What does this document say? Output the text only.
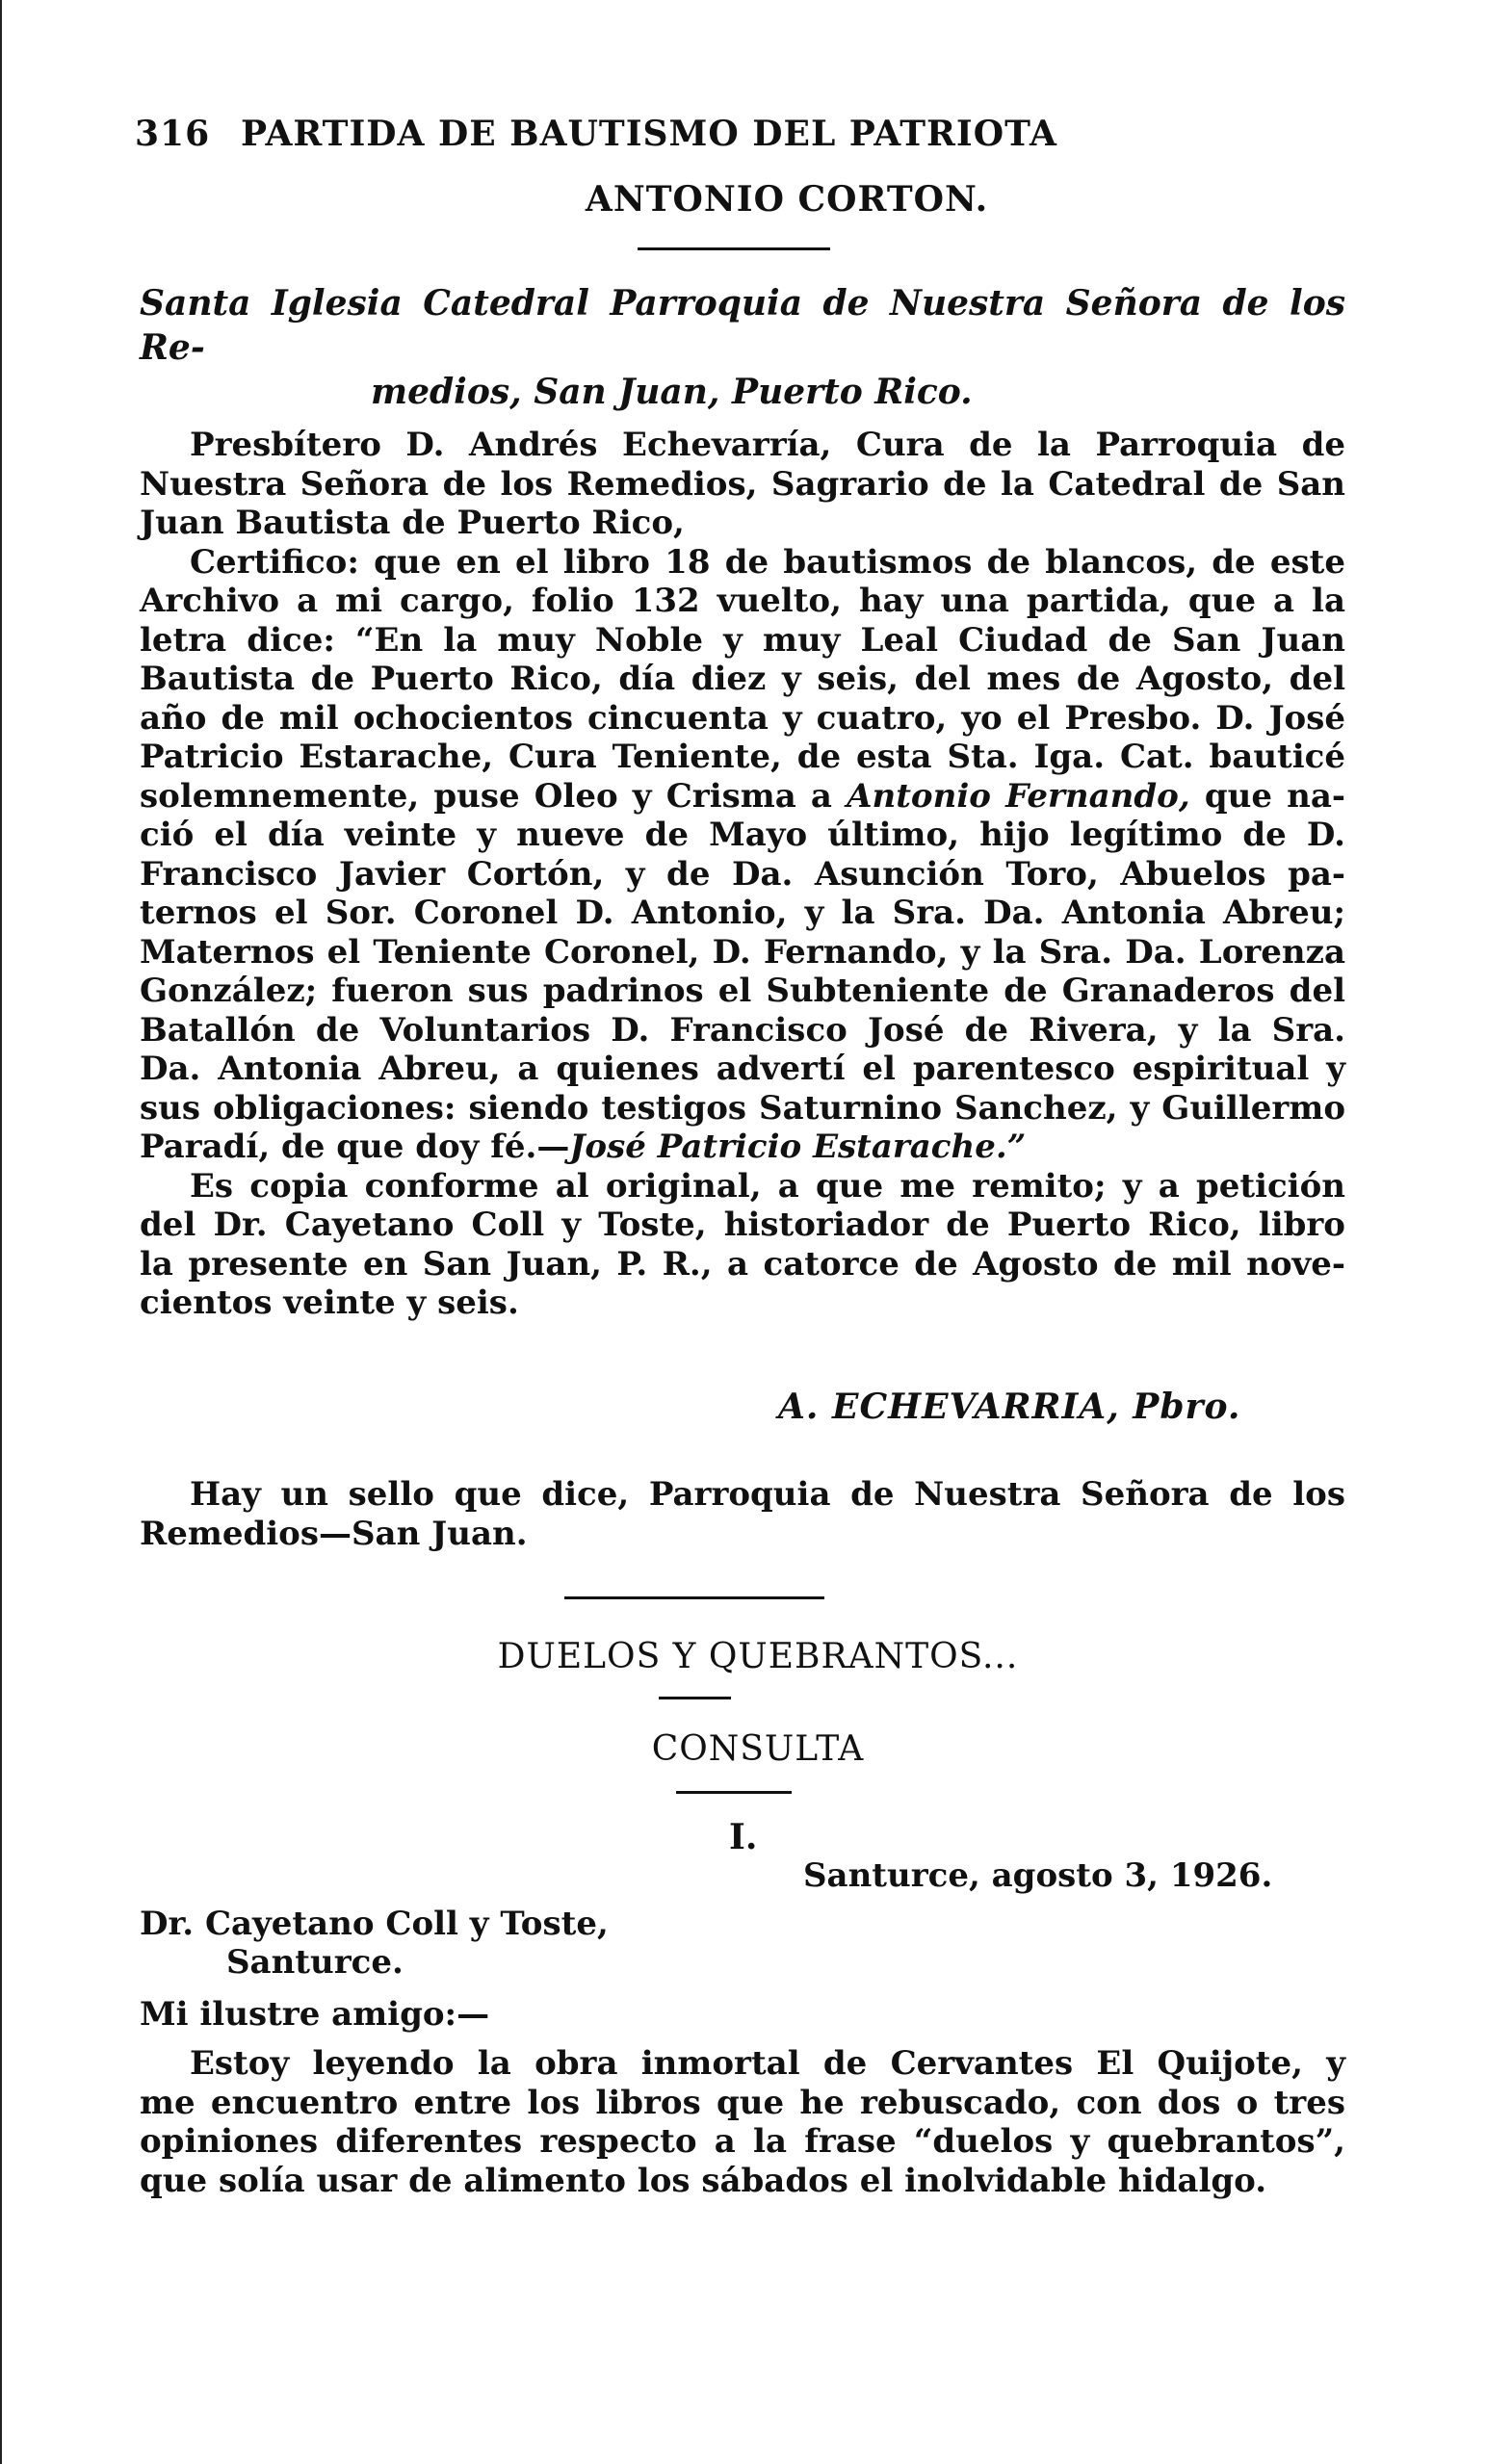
316 PARTIDA DE BAUTISMO DEL PATRIOTA
ANTONIO CORTON.
Santa Iglesia Catedral Parroquia de Nuestra Señora de los Re-
medios, San Juan, Puerto Rico.
Presbítero D. Andrés Echevarría, Cura de la Parroquia de
Nuestra Señora de los Remedios, Sagrario de la Catedral de San
Juan Bautista de Puerto Rico,
Certifico: que en el libro 18 de bautismos de blancos, de este
Archivo a mi cargo, folio 132 vuelto, hay una partida, que a la
letra dice: “En la muy Noble y muy Leal Ciudad de San Juan
Bautista de Puerto Rico, día diez y seis, del mes de Agosto, del
año de mil ochocientos cincuenta y cuatro, yo el Presbo. D. José
Patricio Estarache, Cura Teniente, de esta Sta. Iga. Cat. bauticé
solemnemente, puse Oleo y Crisma a Antonio Fernando, que na-
ció el día veinte y nueve de Mayo último, hijo legítimo de D.
Francisco Javier Cortón, y de Da. Asunción Toro, Abuelos pa-
ternos el Sor. Coronel D. Antonio, y la Sra. Da. Antonia Abreu;
Maternos el Teniente Coronel, D. Fernando, y la Sra. Da. Lorenza
González; fueron sus padrinos el Subteniente de Granaderos del
Batallón de Voluntarios D. Francisco José de Rivera, y la Sra.
Da. Antonia Abreu, a quienes advertí el parentesco espiritual y
sus obligaciones: siendo testigos Saturnino Sanchez, y Guillermo
Paradí, de que doy fé.—José Patricio Estarache.”
Es copia conforme al original, a que me remito; y a petición
del Dr. Cayetano Coll y Toste, historiador de Puerto Rico, libro
la presente en San Juan, P. R., a catorce de Agosto de mil nove-
cientos veinte y seis.
A. ECHEVARRIA, Pbro.
Hay un sello que dice, Parroquia de Nuestra Señora de los
Remedios—San Juan.
DUELOS Y QUEBRANTOS...
CONSULTA
I.
Santurce, agosto 3, 1926.
Dr. Cayetano Coll y Toste,
Santurce.
Mi ilustre amigo:—
Estoy leyendo la obra inmortal de Cervantes El Quijote, y
me encuentro entre los libros que he rebuscado, con dos o tres
opiniones diferentes respecto a la frase “duelos y quebrantos”,
que solía usar de alimento los sábados el inolvidable hidalgo.
